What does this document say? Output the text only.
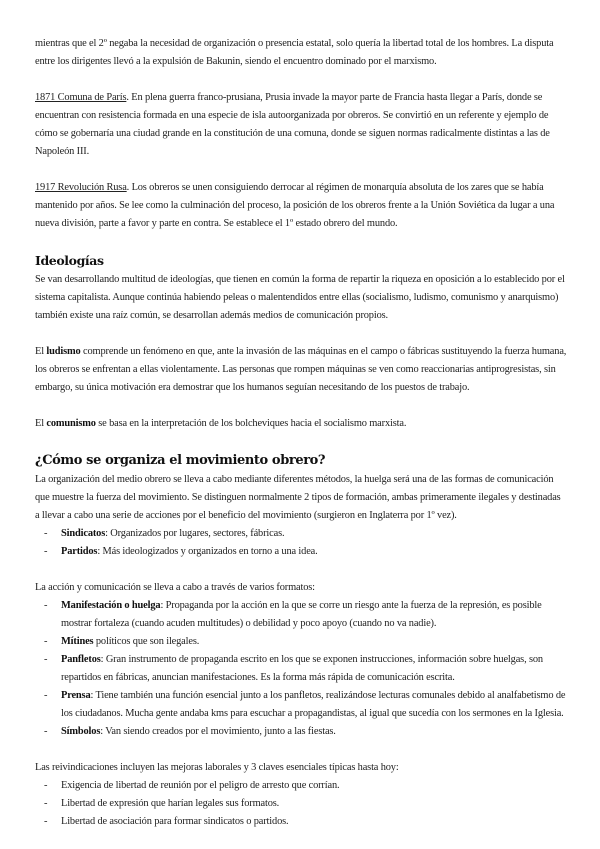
mientras que el 2º negaba la necesidad de organización o presencia estatal, solo quería la libertad total de los hombres. La disputa entre los dirigentes llevó a la expulsión de Bakunin, siendo el encuentro dominado por el marxismo.

1871 Comuna de París. En plena guerra franco-prusiana, Prusia invade la mayor parte de Francia hasta llegar a París, donde se encuentran con resistencia formada en una especie de isla autoorganizada por obreros. Se convirtió en un referente y ejemplo de cómo se gobernaría una ciudad grande en la constitución de una comuna, donde se siguen normas radicalmente distintas a las de Napoleón III.

1917 Revolución Rusa. Los obreros se unen consiguiendo derrocar al régimen de monarquía absoluta de los zares que se había mantenido por años. Se lee como la culminación del proceso, la posición de los obreros frente a la Unión Soviética da lugar a una nueva división, parte a favor y parte en contra. Se establece el 1º estado obrero del mundo.

Ideologías

Se van desarrollando multitud de ideologías, que tienen en común la forma de repartir la riqueza en oposición a lo establecido por el sistema capitalista. Aunque continúa habiendo peleas o malentendidos entre ellas (socialismo, ludismo, comunismo y anarquismo) también existe una raíz común, se desarrollan además medios de comunicación propios.

El ludismo comprende un fenómeno en que, ante la invasión de las máquinas en el campo o fábricas sustituyendo la fuerza humana, los obreros se enfrentan a ellas violentamente. Las personas que rompen máquinas se ven como reaccionarias antiprogresistas, sin embargo, su única motivación era demostrar que los humanos seguían necesitando de los puestos de trabajo.

El comunismo se basa en la interpretación de los bolcheviques hacia el socialismo marxista.

¿Cómo se organiza el movimiento obrero?

La organización del medio obrero se lleva a cabo mediante diferentes métodos, la huelga será una de las formas de comunicación que muestre la fuerza del movimiento. Se distinguen normalmente 2 tipos de formación, ambas primeramente ilegales y destinadas a llevar a cabo una serie de acciones por el beneficio del movimiento (surgieron en Inglaterra por 1º vez).

- Sindicatos: Organizados por lugares, sectores, fábricas.
- Partidos: Más ideologizados y organizados en torno a una idea.

La acción y comunicación se lleva a cabo a través de varios formatos:

- Manifestación o huelga: Propaganda por la acción en la que se corre un riesgo ante la fuerza de la represión, es posible mostrar fortaleza (cuando acuden multitudes) o debilidad y poco apoyo (cuando no va nadie).
- Mítines políticos que son ilegales.
- Panfletos: Gran instrumento de propaganda escrito en los que se exponen instrucciones, información sobre huelgas, son repartidos en fábricas, anuncian manifestaciones. Es la forma más rápida de comunicación escrita.
- Prensa: Tiene también una función esencial junto a los panfletos, realizándose lecturas comunales debido al analfabetismo de los ciudadanos. Mucha gente andaba kms para escuchar a propagandistas, al igual que sucedía con los sermones en la Iglesia.
- Símbolos: Van siendo creados por el movimiento, junto a las fiestas.

Las reivindicaciones incluyen las mejoras laborales y 3 claves esenciales típicas hasta hoy:

- Exigencia de libertad de reunión por el peligro de arresto que corrían.
- Libertad de expresión que harían legales sus formatos.
- Libertad de asociación para formar sindicatos o partidos.
